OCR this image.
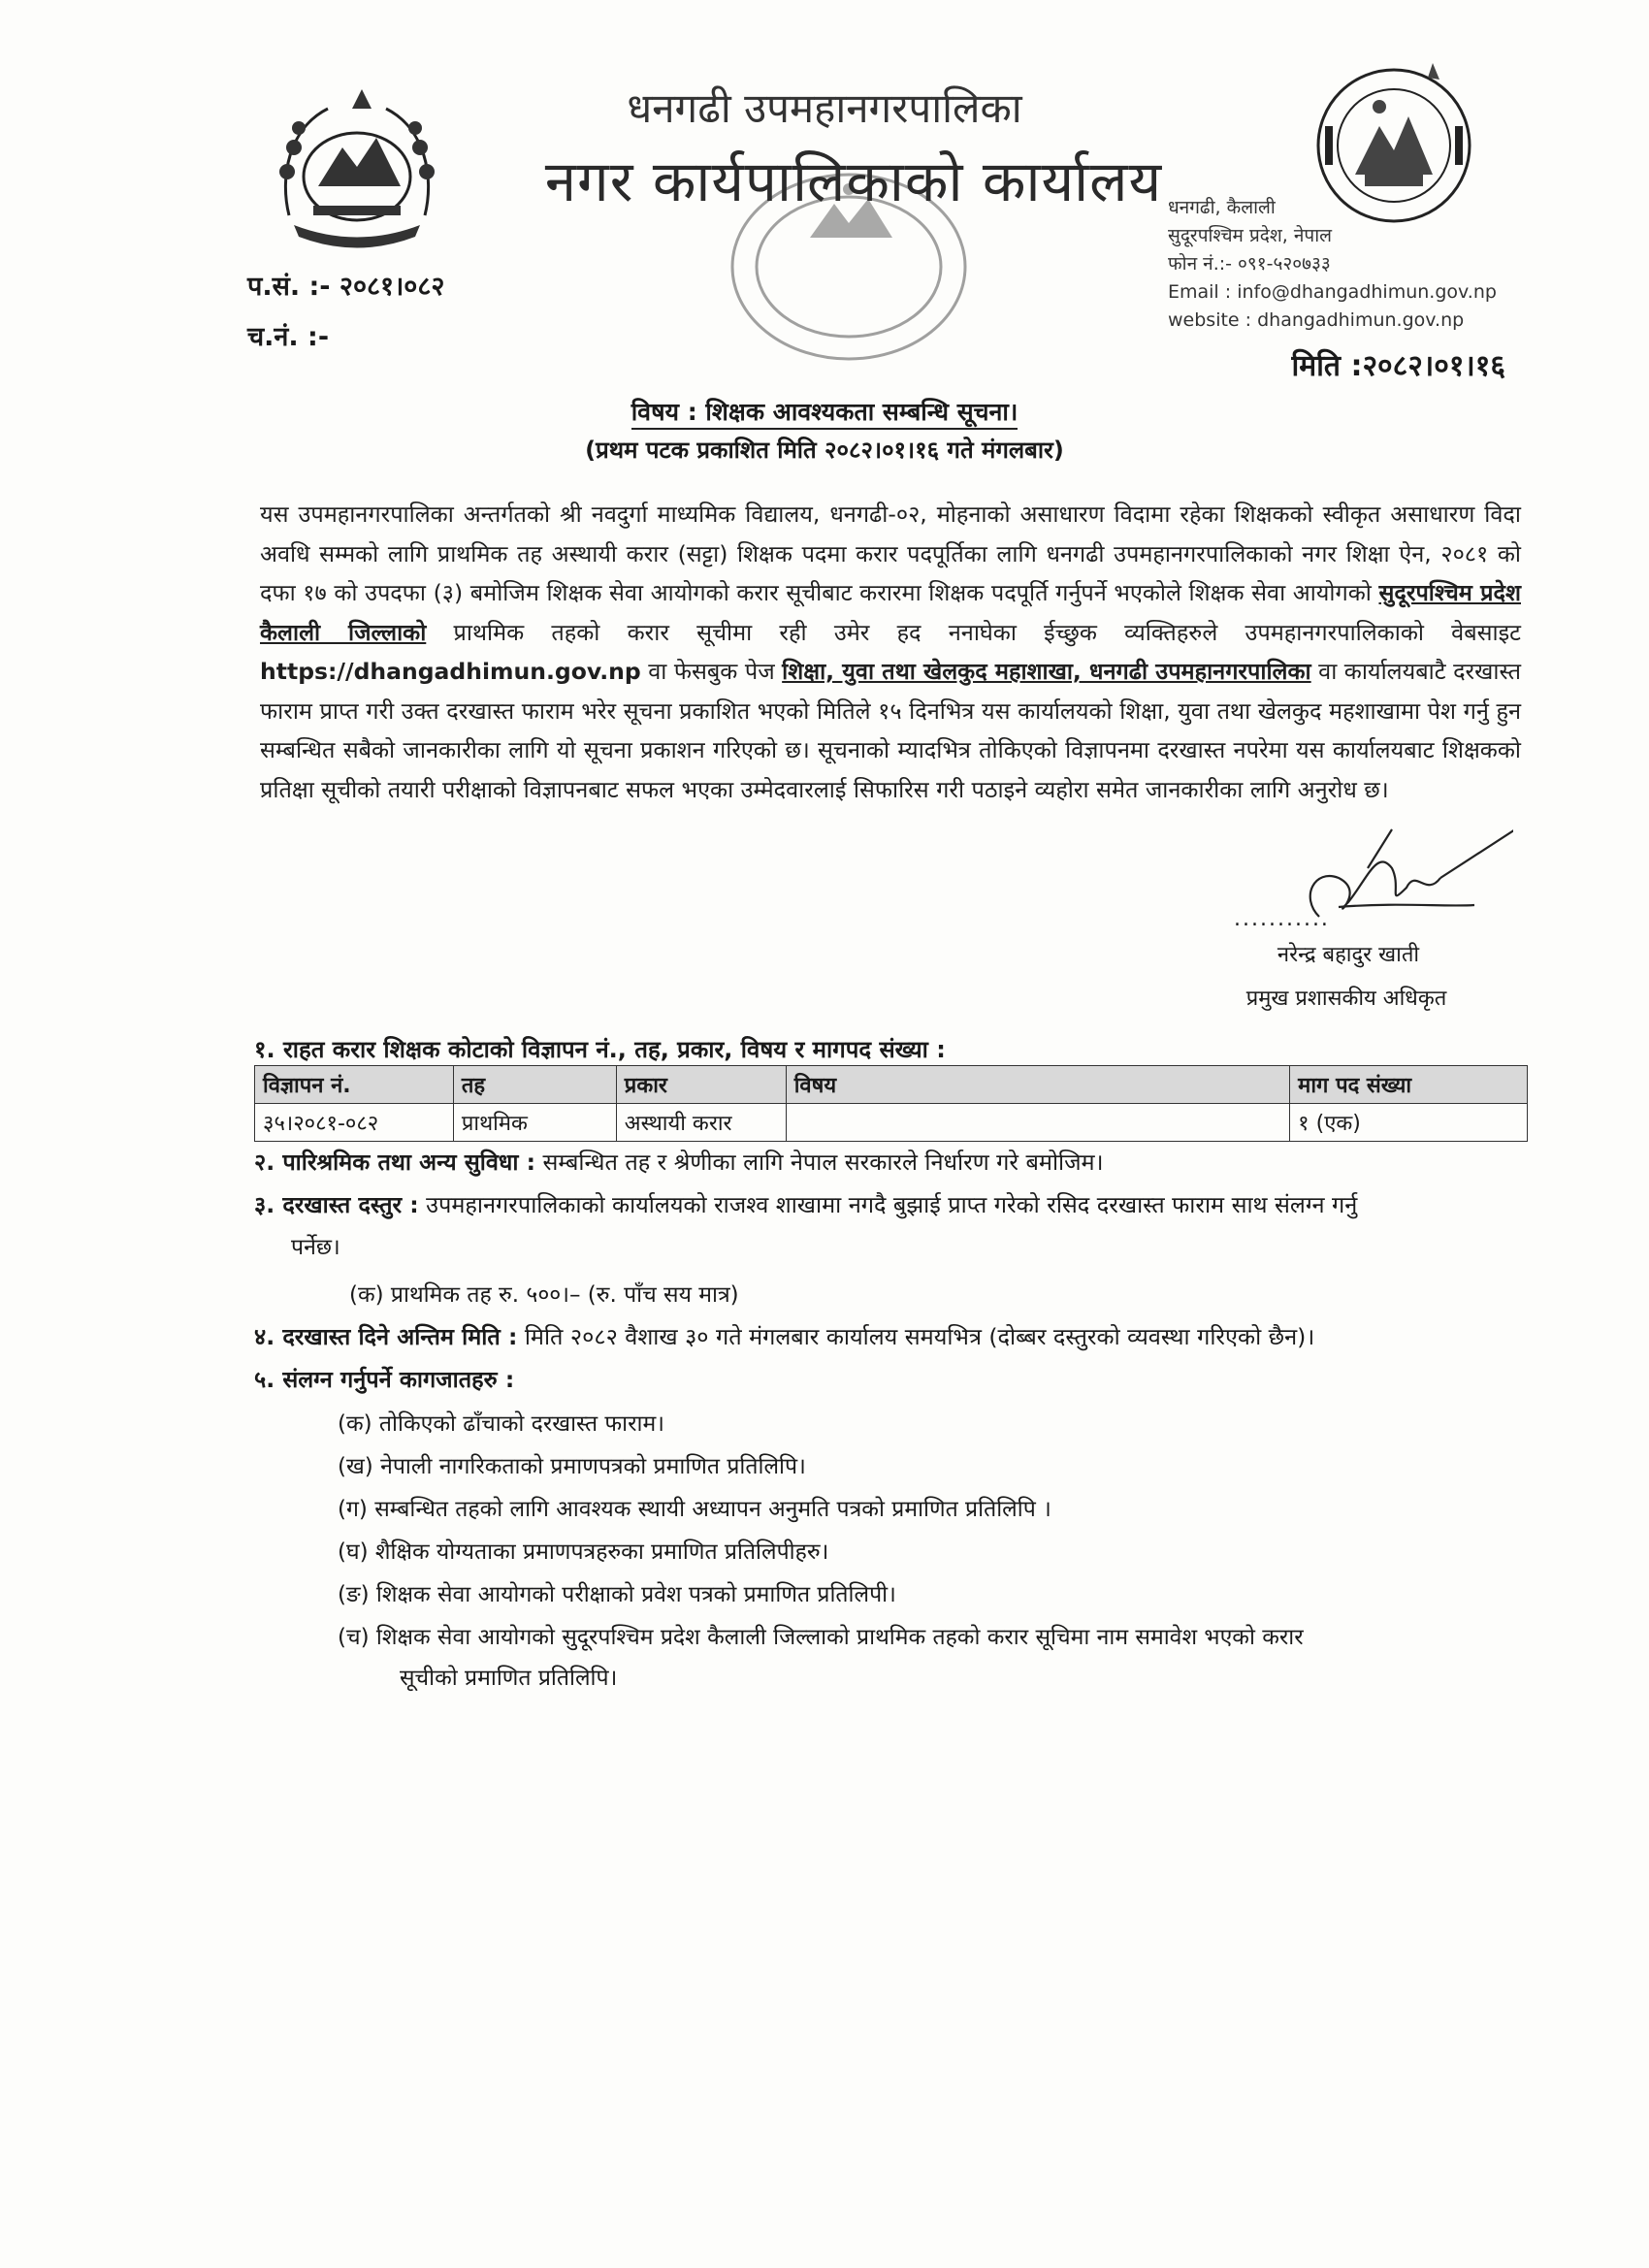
धनगढी उपमहानगरपालिका
नगर कार्यपालिकाको कार्यालय धनगढी, कैलाली
सुदूरपश्चिम प्रदेश, नेपाल
फोन नं.:- ०९१-५२०७३३
Email : info@dhangadhimun.gov.np
website : dhangadhimun.gov.np
प.सं. :- २०८१।०८२
च.नं. :-
मिति :२०८२।०१।१६
विषय : शिक्षक आवश्यकता सम्बन्धि सूचना।
(प्रथम पटक प्रकाशित मिति २०८२।०१।१६ गते मंगलबार)
यस उपमहानगरपालिका अन्तर्गतको श्री नवदुर्गा माध्यमिक विद्यालय, धनगढी-०२, मोहनाको असाधारण विदामा रहेका शिक्षकको स्वीकृत असाधारण विदा अवधि सम्मको लागि प्राथमिक तह अस्थायी करार (सट्टा) शिक्षक पदमा करार पदपूर्तिका लागि धनगढी उपमहानगरपालिकाको नगर शिक्षा ऐन, २०८१ को दफा १७ को उपदफा (३) बमोजिम शिक्षक सेवा आयोगको करार सूचीबाट करारमा शिक्षक पदपूर्ति गर्नुपर्ने भएकोले शिक्षक सेवा आयोगको सुदूरपश्चिम प्रदेश कैलाली जिल्लाको प्राथमिक तहको करार सूचीमा रही उमेर हद ननाघेका ईच्छुक व्यक्तिहरुले उपमहानगरपालिकाको वेबसाइट https://dhangadhimun.gov.np वा फेसबुक पेज शिक्षा, युवा तथा खेलकुद महाशाखा, धनगढी उपमहानगरपालिका वा कार्यालयबाटै दरखास्त फाराम प्राप्त गरी उक्त दरखास्त फाराम भरेर सूचना प्रकाशित भएको मितिले १५ दिनभित्र यस कार्यालयको शिक्षा, युवा तथा खेलकुद महशाखामा पेश गर्नु हुन सम्बन्धित सबैको जानकारीका लागि यो सूचना प्रकाशन गरिएको छ। सूचनाको म्यादभित्र तोकिएको विज्ञापनमा दरखास्त नपरेमा यस कार्यालयबाट शिक्षकको प्रतिक्षा सूचीको तयारी परीक्षाको विज्ञापनबाट सफल भएका उम्मेदवारलाई सिफारिस गरी पठाइने व्यहोरा समेत जानकारीका लागि अनुरोध छ।
...........
नरेन्द्र बहादुर खाती
प्रमुख प्रशासकीय अधिकृत
१. राहत करार शिक्षक कोटाको विज्ञापन नं., तह, प्रकार, विषय र मागपद संख्या :
विज्ञापन नं.	तह	प्रकार	विषय	माग पद संख्या
३५।२०८१-०८२	प्राथमिक	अस्थायी करार		१ (एक)
२. पारिश्रमिक तथा अन्य सुविधा : सम्बन्धित तह र श्रेणीका लागि नेपाल सरकारले निर्धारण गरे बमोजिम।
३. दरखास्त दस्तुर : उपमहानगरपालिकाको कार्यालयको राजश्व शाखामा नगदै बुझाई प्राप्त गरेको रसिद दरखास्त फाराम साथ संलग्न गर्नु
पर्नेछ।
(क) प्राथमिक तह रु. ५००।– (रु. पाँच सय मात्र)
४. दरखास्त दिने अन्तिम मिति : मिति २०८२ वैशाख ३० गते मंगलबार कार्यालय समयभित्र (दोब्बर दस्तुरको व्यवस्था गरिएको छैन)।
५. संलग्न गर्नुपर्ने कागजातहरु :
(क) तोकिएको ढाँचाको दरखास्त फाराम।
(ख) नेपाली नागरिकताको प्रमाणपत्रको प्रमाणित प्रतिलिपि।
(ग) सम्बन्धित तहको लागि आवश्यक स्थायी अध्यापन अनुमति पत्रको प्रमाणित प्रतिलिपि ।
(घ) शैक्षिक योग्यताका प्रमाणपत्रहरुका प्रमाणित प्रतिलिपीहरु।
(ङ) शिक्षक सेवा आयोगको परीक्षाको प्रवेश पत्रको प्रमाणित प्रतिलिपी।
(च) शिक्षक सेवा आयोगको सुदूरपश्चिम प्रदेश कैलाली जिल्लाको प्राथमिक तहको करार सूचिमा नाम समावेश भएको करार
सूचीको प्रमाणित प्रतिलिपि।
